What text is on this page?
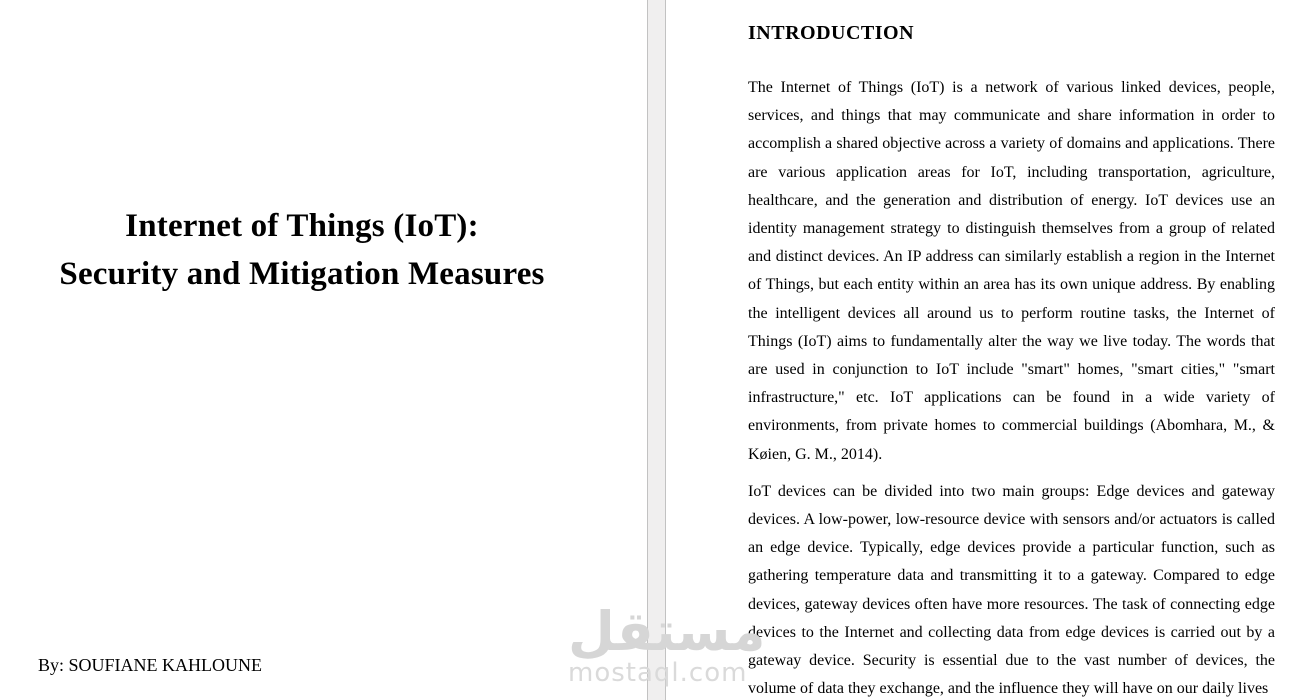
Internet of Things (IoT):
Security and Mitigation Measures
By: SOUFIANE KAHLOUNE
INTRODUCTION

The Internet of Things (IoT) is a network of various linked devices, people, services, and things that may communicate and share information in order to accomplish a shared objective across a variety of domains and applications. There are various application areas for IoT, including transportation, agriculture, healthcare, and the generation and distribution of energy. IoT devices use an identity management strategy to distinguish themselves from a group of related and distinct devices. An IP address can similarly establish a region in the Internet of Things, but each entity within an area has its own unique address. By enabling the intelligent devices all around us to perform routine tasks, the Internet of Things (IoT) aims to fundamentally alter the way we live today. The words that are used in conjunction to IoT include "smart" homes, "smart cities," "smart infrastructure," etc. IoT applications can be found in a wide variety of environments, from private homes to commercial buildings (Abomhara, M., & Køien, G. M., 2014).

IoT devices can be divided into two main groups: Edge devices and gateway devices. A low-power, low-resource device with sensors and/or actuators is called an edge device. Typically, edge devices provide a particular function, such as gathering temperature data and transmitting it to a gateway. Compared to edge devices, gateway devices often have more resources. The task of connecting edge devices to the Internet and collecting data from edge devices is carried out by a gateway device. Security is essential due to the vast number of devices, the volume of data they exchange, and the influence they will have on our daily lives

مستقل
mostaql.com
